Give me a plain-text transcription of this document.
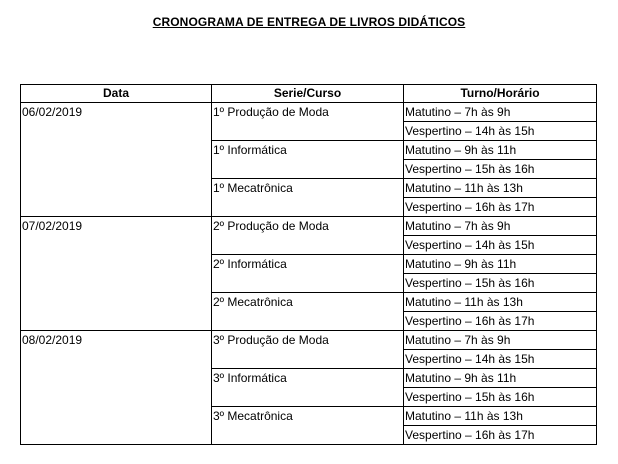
CRONOGRAMA DE ENTREGA DE LIVROS DIDÁTICOS
Data	Serie/Curso	Turno/Horário
06/02/2019	1º Produção de Moda	Matutino – 7h às 9h
		Vespertino – 14h às 15h
	1º Informática	Matutino – 9h às 11h
		Vespertino – 15h às 16h
	1º Mecatrônica	Matutino – 11h às 13h
		Vespertino – 16h às 17h
07/02/2019	2º Produção de Moda	Matutino – 7h às 9h
		Vespertino – 14h às 15h
	2º Informática	Matutino – 9h às 11h
		Vespertino – 15h às 16h
	2º Mecatrônica	Matutino – 11h às 13h
		Vespertino – 16h às 17h
08/02/2019	3º Produção de Moda	Matutino – 7h às 9h
		Vespertino – 14h às 15h
	3º Informática	Matutino – 9h às 11h
		Vespertino – 15h às 16h
	3º Mecatrônica	Matutino – 11h às 13h
		Vespertino – 16h às 17h
